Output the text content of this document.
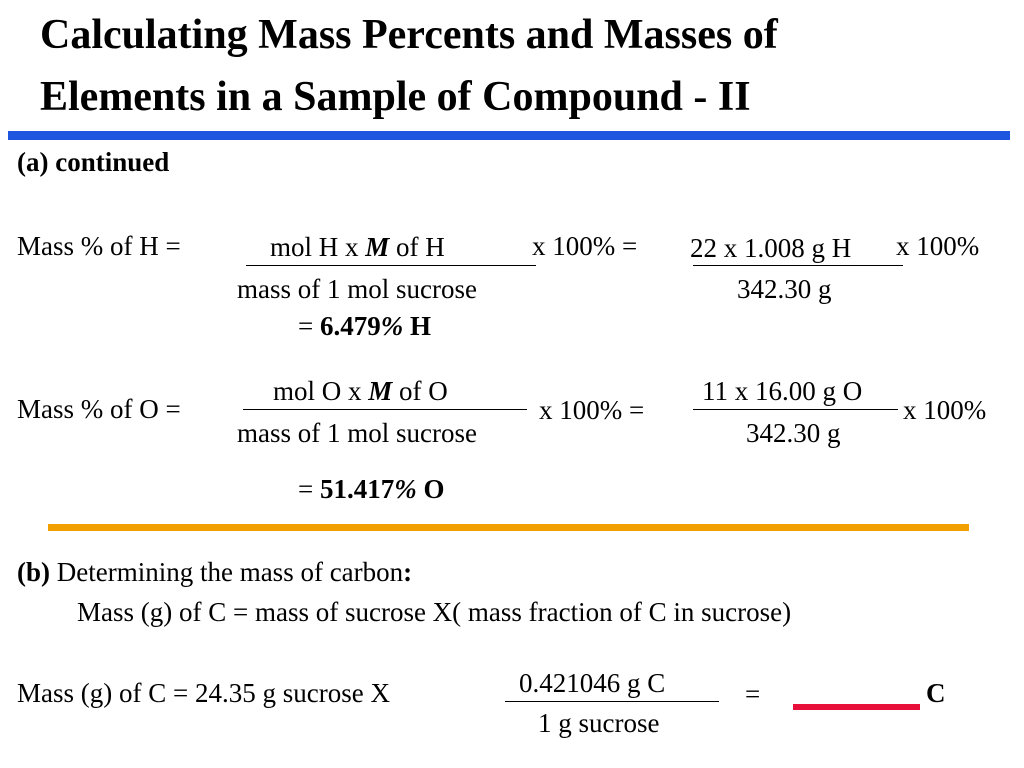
Calculating Mass Percents and Masses of
Elements in a Sample of Compound - II
(a) continued
Mass % of H =	mol H x M of H
mass of 1 mol sucrose
x 100% = 22 x 1.008 g H
342.30 g
x 100%
= 6.479% H
Mass % of O =
mol O x M of O
mass of 1 mol sucrose
x 100% =
11 x 16.00 g O
342.30 g
x 100%
= 51.417% O
(b) Determining the mass of carbon:
Mass (g) of C = mass of sucrose X( mass fraction of C in sucrose)
Mass (g) of C = 24.35 g sucrose X	0.421046 g C
1 g sucrose
=	C
